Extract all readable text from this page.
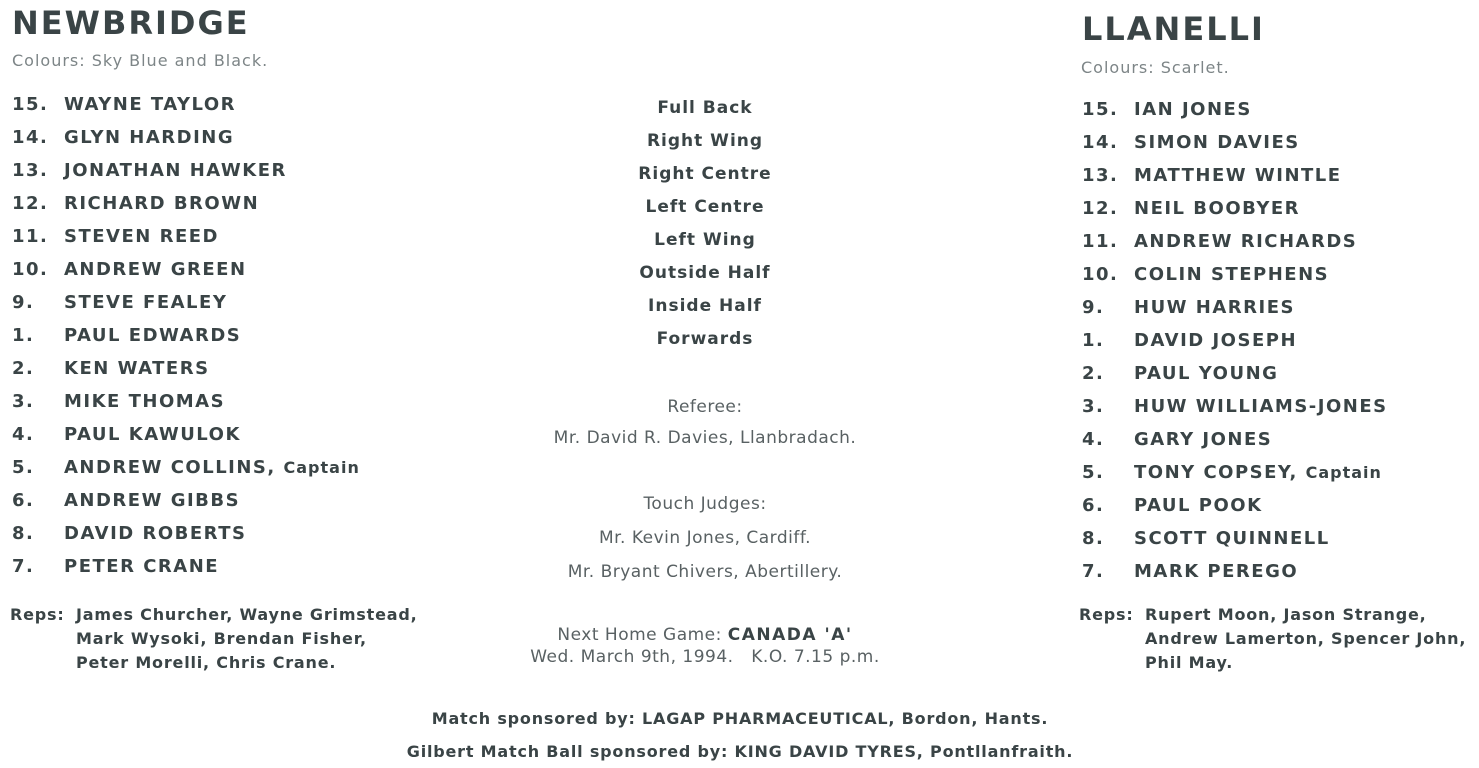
NEWBRIDGE
Colours: Sky Blue and Black.
15. WAYNE TAYLOR
14. GLYN HARDING
13. JONATHAN HAWKER
12. RICHARD BROWN
11. STEVEN REED
10. ANDREW GREEN
9. STEVE FEALEY
1. PAUL EDWARDS
2. KEN WATERS
3. MIKE THOMAS
4. PAUL KAWULOK
5. ANDREW COLLINS, Captain
6. ANDREW GIBBS
8. DAVID ROBERTS
7. PETER CRANE
Reps: James Churcher, Wayne Grimstead,
Mark Wysoki, Brendan Fisher,
Peter Morelli, Chris Crane.
Full Back
Right Wing
Right Centre
Left Centre
Left Wing
Outside Half
Inside Half
Forwards
Referee:
Mr. David R. Davies, Llanbradach.
Touch Judges:
Mr. Kevin Jones, Cardiff.
Mr. Bryant Chivers, Abertillery.
Next Home Game: CANADA 'A'
Wed. March 9th, 1994.   K.O. 7.15 p.m.
LLANELLI
Colours: Scarlet.
15. IAN JONES
14. SIMON DAVIES
13. MATTHEW WINTLE
12. NEIL BOOBYER
11. ANDREW RICHARDS
10. COLIN STEPHENS
9. HUW HARRIES
1. DAVID JOSEPH
2. PAUL YOUNG
3. HUW WILLIAMS-JONES
4. GARY JONES
5. TONY COPSEY, Captain
6. PAUL POOK
8. SCOTT QUINNELL
7. MARK PEREGO
Reps: Rupert Moon, Jason Strange,
Andrew Lamerton, Spencer John,
Phil May.
Match sponsored by: LAGAP PHARMACEUTICAL, Bordon, Hants.
Gilbert Match Ball sponsored by: KING DAVID TYRES, Pontllanfraith.
